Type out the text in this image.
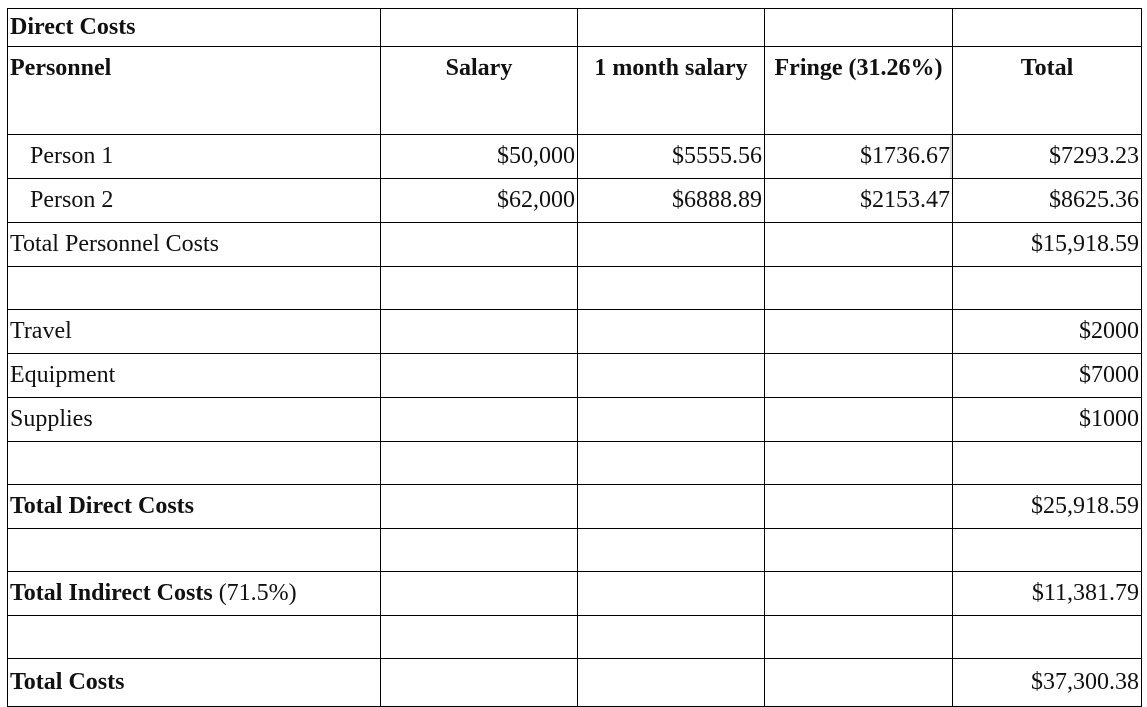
Direct Costs				
Personnel	Salary	1 month salary	Fringe (31.26%)	Total
Person 1	$50,000	$5555.56	$1736.67	$7293.23
Person 2	$62,000	$6888.89	$2153.47	$8625.36
Total Personnel Costs				$15,918.59

Travel				$2000
Equipment				$7000
Supplies				$1000

Total Direct Costs				$25,918.59

Total Indirect Costs (71.5%)				$11,381.79

Total Costs				$37,300.38
